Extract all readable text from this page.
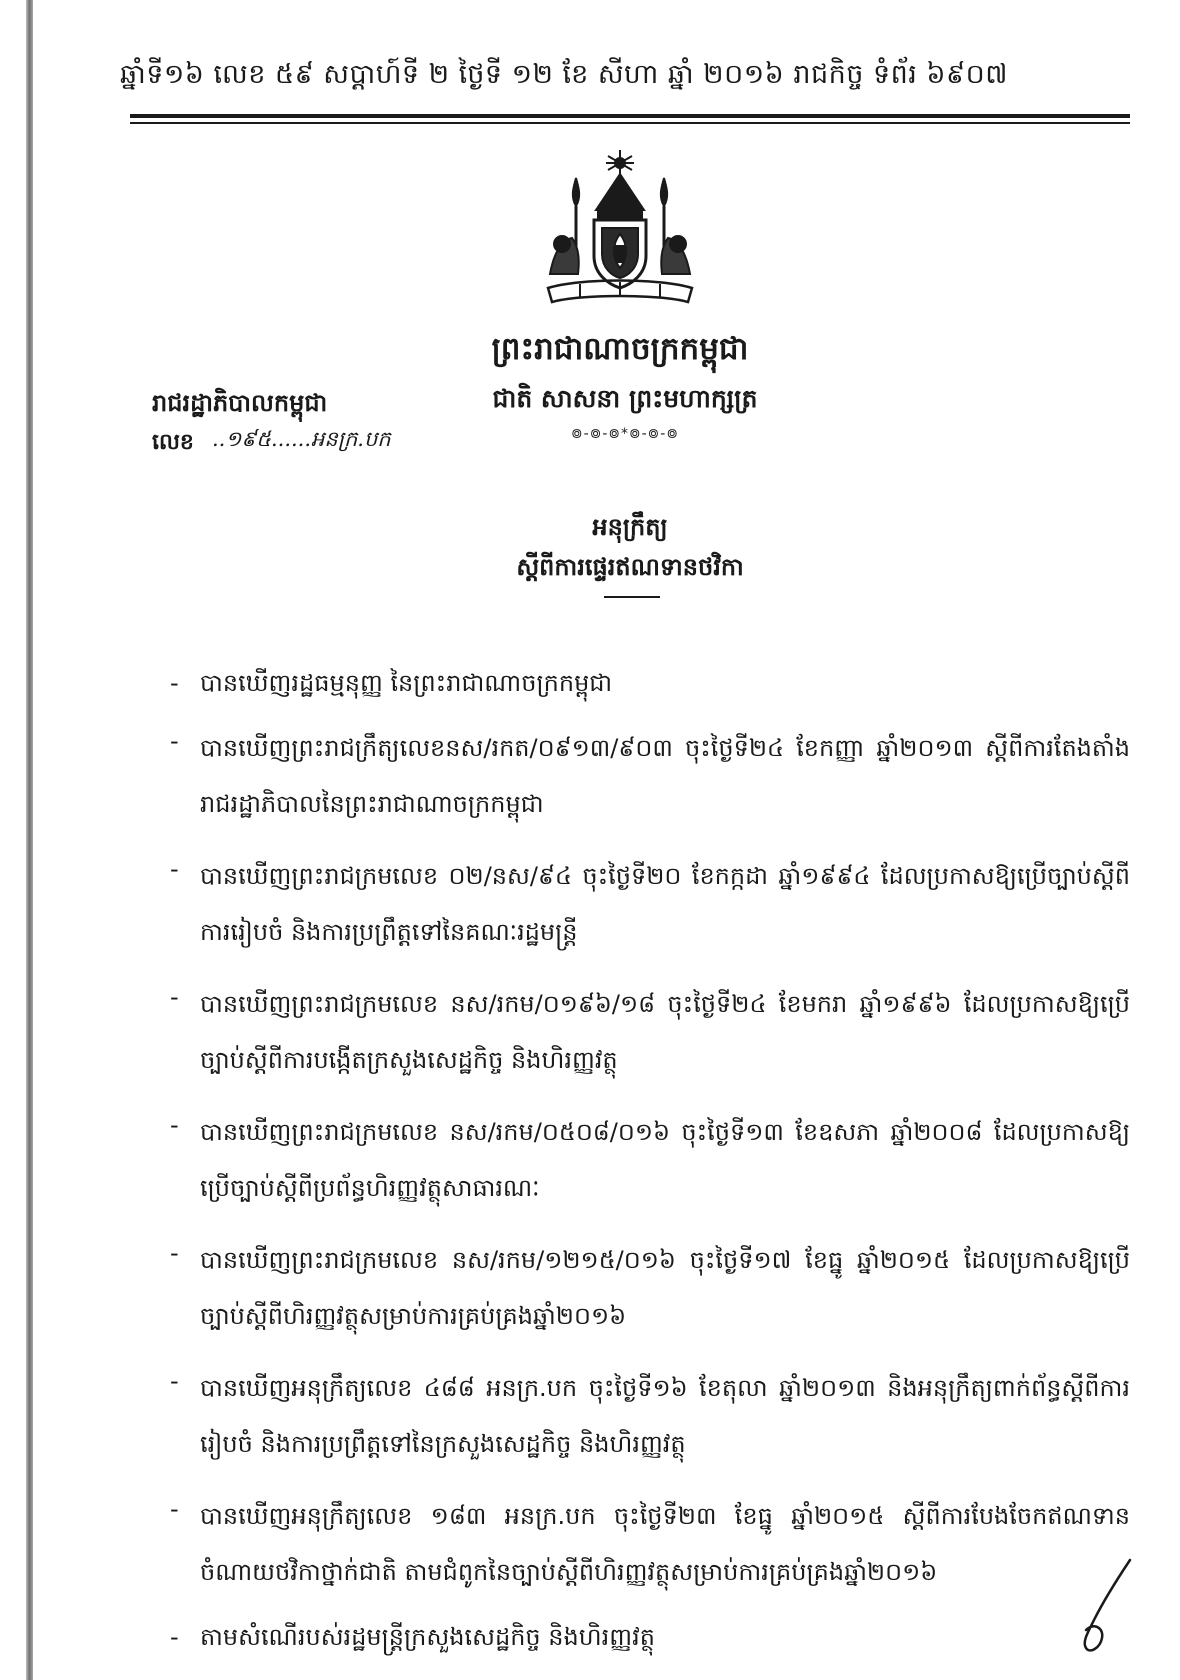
ឆ្នាំទី១៦ លេខ ៥៩ សប្តាហ៍ទី ២ ថ្ងៃទី ១២ ខែ សីហា ឆ្នាំ ២០១៦ រាជកិច្ច ទំព័រ ៦៩០៧
ព្រះរាជាណាចក្រកម្ពុជា
ជាតិ សាសនា ព្រះមហាក្សត្រ
៙-៙-៙*៙-៙-៙
រាជរដ្ឋាភិបាលកម្ពុជា
លេខ ..១៩៥......អនក្រ.បក
អនុក្រឹត្យ
ស្តីពីការផ្ទេរឥណទានថវិកា
- បានឃើញរដ្ឋធម្មនុញ្ញ នៃព្រះរាជាណាចក្រកម្ពុជា
- បានឃើញព្រះរាជក្រឹត្យលេខនស/រកត/០៩១៣/៩០៣ ចុះថ្ងៃទី២៤ ខែកញ្ញា ឆ្នាំ២០១៣ ស្តីពីការតែងតាំងរាជរដ្ឋាភិបាលនៃព្រះរាជាណាចក្រកម្ពុជា
- បានឃើញព្រះរាជក្រមលេខ ០២/នស/៩៤ ចុះថ្ងៃទី២០ ខែកក្កដា ឆ្នាំ១៩៩៤ ដែលប្រកាសឱ្យប្រើច្បាប់ស្តីពីការរៀបចំ និងការប្រព្រឹត្តទៅនៃគណៈរដ្ឋមន្ត្រី
- បានឃើញព្រះរាជក្រមលេខ នស/រកម/០១៩៦/១៨ ចុះថ្ងៃទី២៤ ខែមករា ឆ្នាំ១៩៩៦ ដែលប្រកាសឱ្យប្រើច្បាប់ស្តីពីការបង្កើតក្រសួងសេដ្ឋកិច្ច និងហិរញ្ញវត្ថុ
- បានឃើញព្រះរាជក្រមលេខ នស/រកម/០៥០៨/០១៦ ចុះថ្ងៃទី១៣ ខែឧសភា ឆ្នាំ២០០៨ ដែលប្រកាសឱ្យប្រើច្បាប់ស្តីពីប្រព័ន្ធហិរញ្ញវត្ថុសាធារណៈ
- បានឃើញព្រះរាជក្រមលេខ នស/រកម/១២១៥/០១៦ ចុះថ្ងៃទី១៧ ខែធ្នូ ឆ្នាំ២០១៥ ដែលប្រកាសឱ្យប្រើច្បាប់ស្តីពីហិរញ្ញវត្ថុសម្រាប់ការគ្រប់គ្រងឆ្នាំ២០១៦
- បានឃើញអនុក្រឹត្យលេខ ៤៨៨ អនក្រ.បក ចុះថ្ងៃទី១៦ ខែតុលា ឆ្នាំ២០១៣ និងអនុក្រឹត្យពាក់ព័ន្ធស្តីពីការរៀបចំ និងការប្រព្រឹត្តទៅនៃក្រសួងសេដ្ឋកិច្ច និងហិរញ្ញវត្ថុ
- បានឃើញអនុក្រឹត្យលេខ ១៨៣ អនក្រ.បក ចុះថ្ងៃទី២៣ ខែធ្នូ ឆ្នាំ២០១៥ ស្តីពីការបែងចែកឥណទានចំណាយថវិកាថ្នាក់ជាតិ តាមជំពូកនៃច្បាប់ស្តីពីហិរញ្ញវត្ថុសម្រាប់ការគ្រប់គ្រងឆ្នាំ២០១៦
- តាមសំណើរបស់រដ្ឋមន្ត្រីក្រសួងសេដ្ឋកិច្ច និងហិរញ្ញវត្ថុ
